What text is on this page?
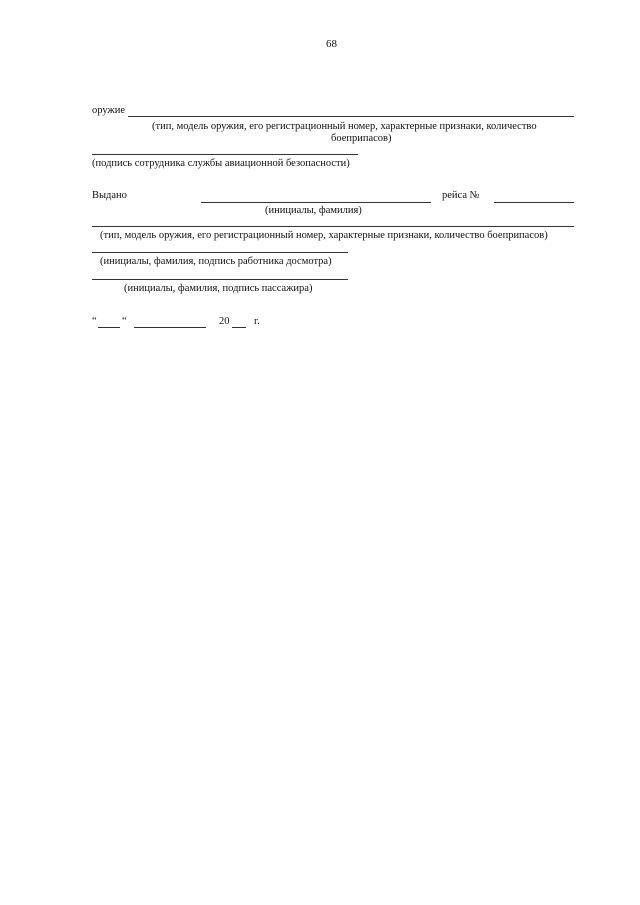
68
оружие
(тип, модель оружия, его регистрационный номер, характерные признаки, количество
боеприпасов)
(подпись сотрудника службы авиационной безопасности)
Выдано	рейса №
(инициалы, фамилия)
(тип, модель оружия, его регистрационный номер, характерные признаки, количество боеприпасов)
(инициалы, фамилия, подпись работника досмотра)
(инициалы, фамилия, подпись пассажира)
“ “	20 г.
